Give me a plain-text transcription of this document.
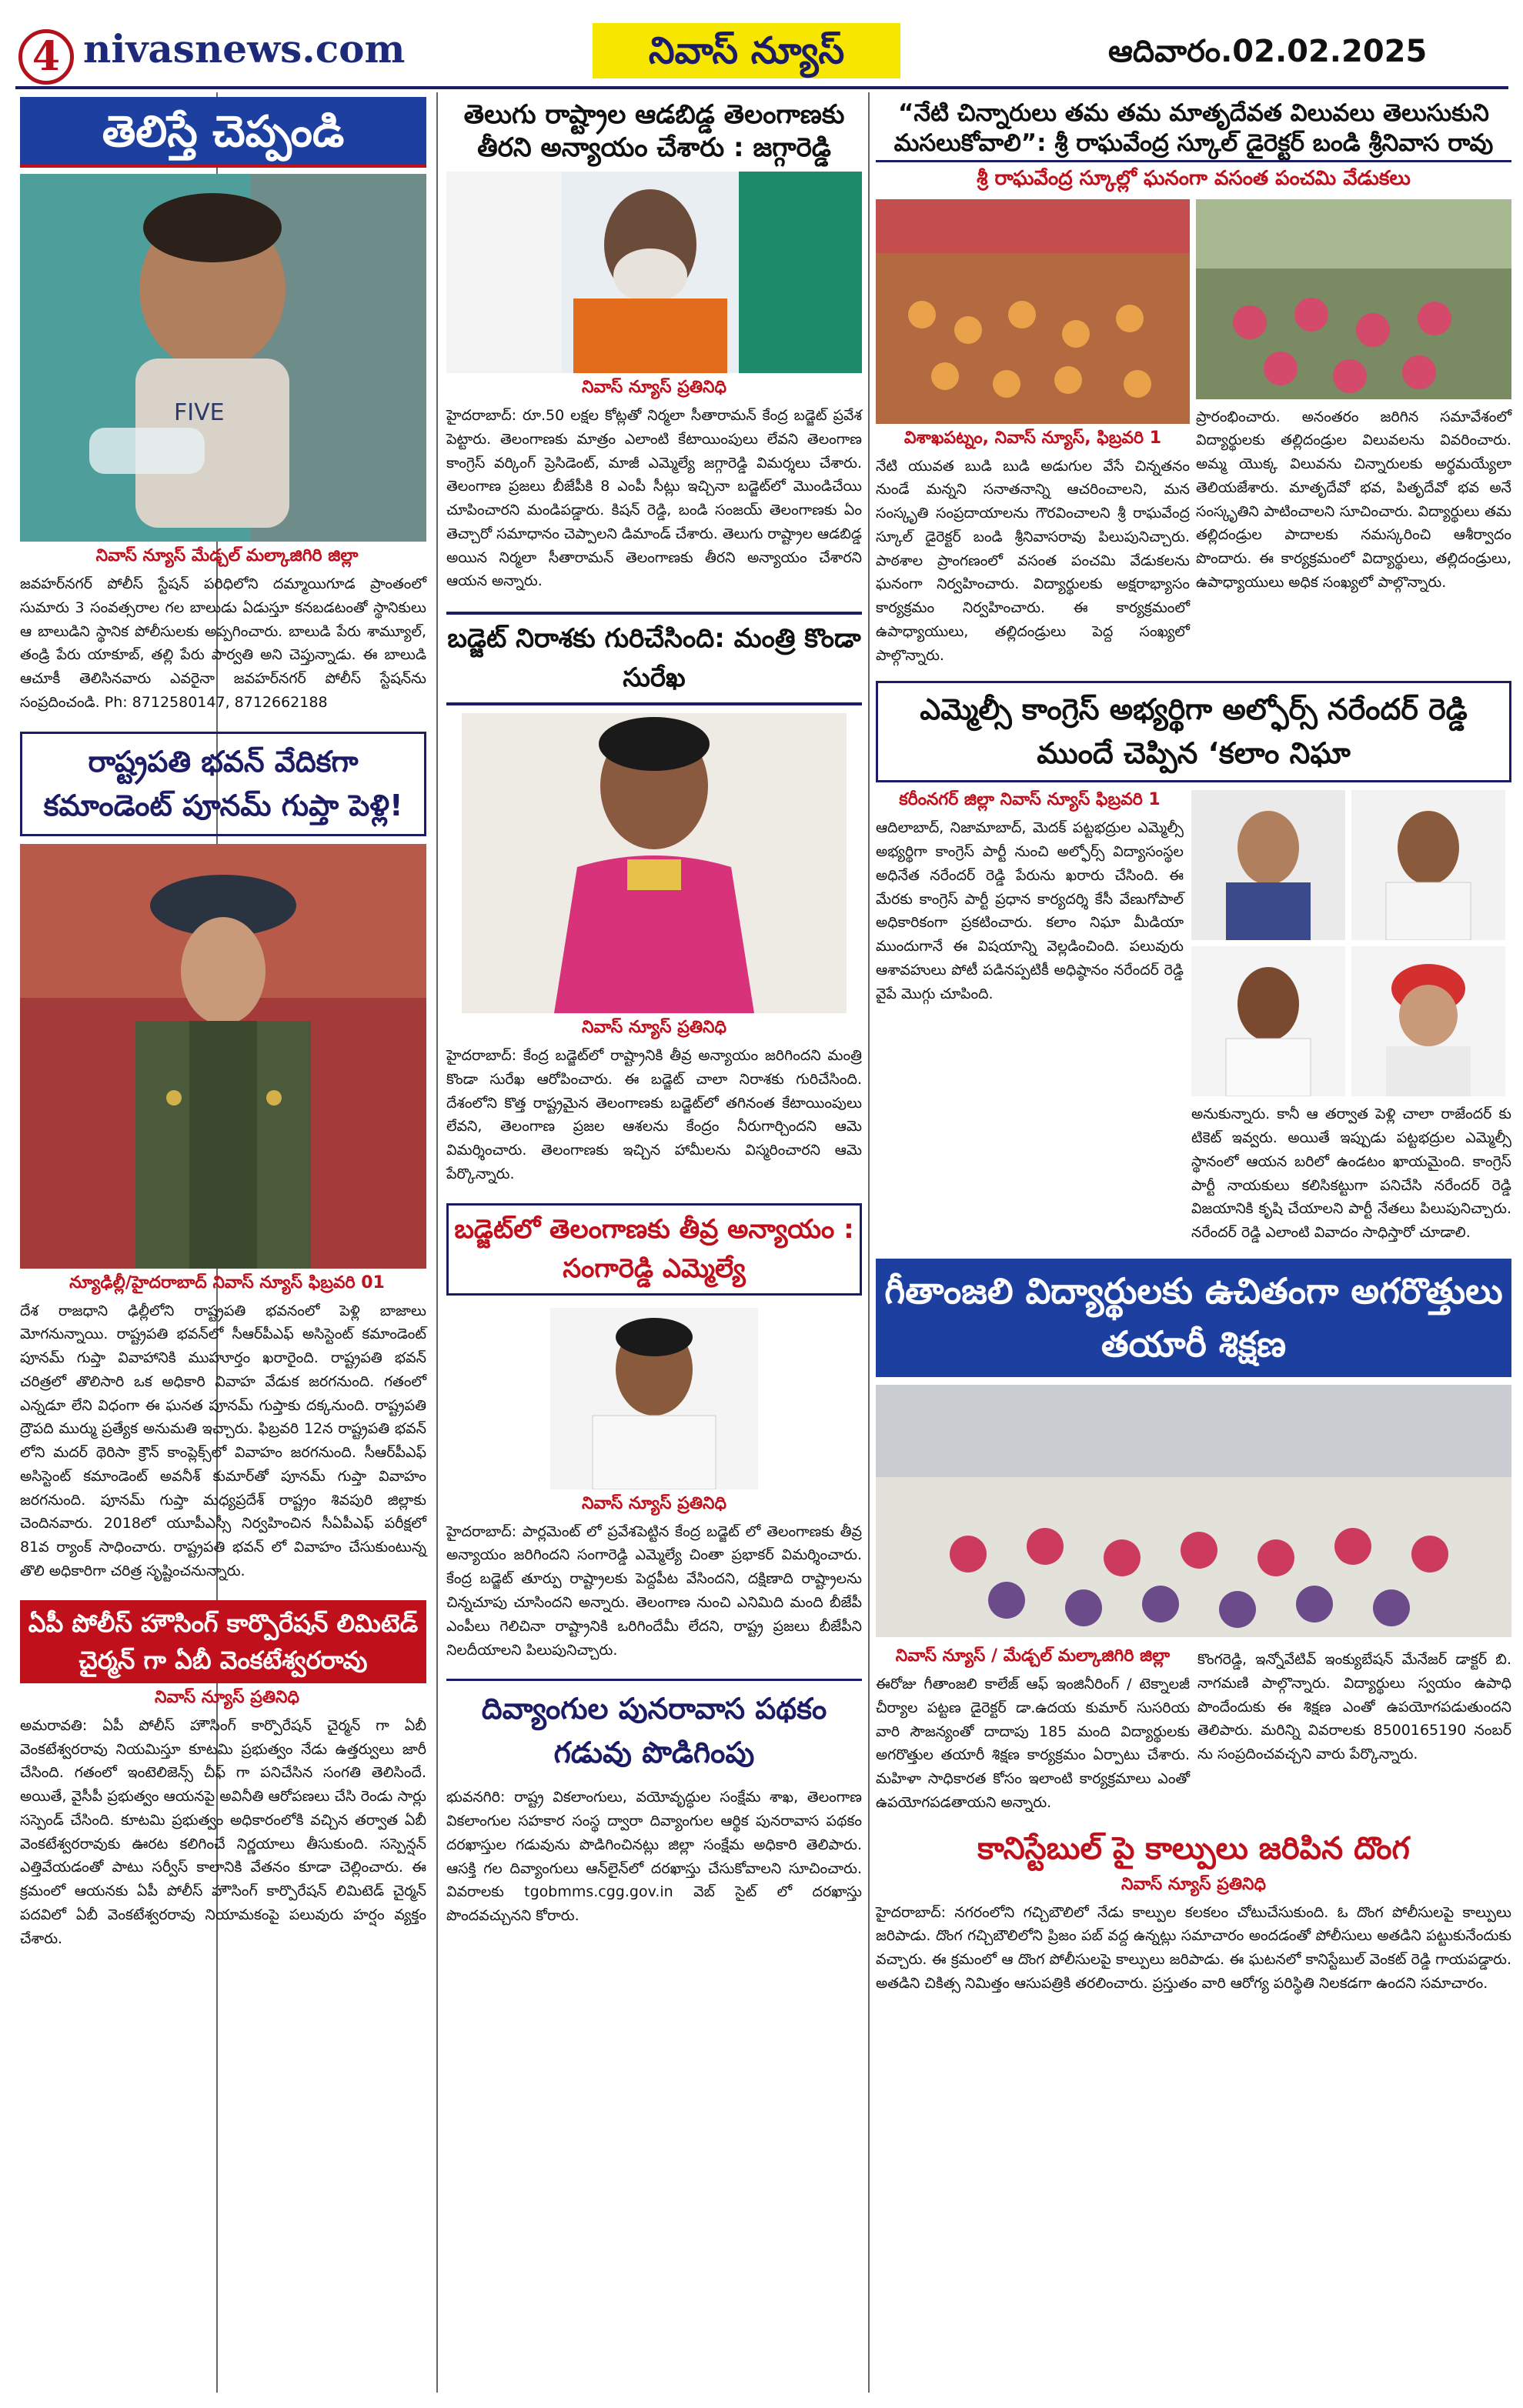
4 nivasnews.com	నివాస్ న్యూస్	ఆదివారం.02.02.2025
తెలిస్తే చెప్పండి
FIVE
నివాస్ న్యూస్ మేడ్చల్ మల్కాజిగిరి జిల్లా
జవహర్‌నగర్ పోలీస్ స్టేషన్ పరిధిలోని దమ్మాయిగూడ ప్రాంతంలో సుమారు 3 సంవత్సరాల గల బాలుడు ఏడుస్తూ కనబడటంతో స్థానికులు ఆ బాలుడిని స్థానిక పోలీసులకు అప్పగించారు. బాలుడి పేరు శామ్యూల్, తండ్రి పేరు యాకూబ్, తల్లి పేరు పార్వతి అని చెప్తున్నాడు. ఈ బాలుడి ఆచూకీ తెలిసినవారు ఎవరైనా జవహర్‌నగర్ పోలీస్ స్టేషన్‌ను సంప్రదించండి. Ph: 8712580147, 8712662188
రాష్ట్రపతి భవన్ వేదికగా కమాండెంట్ పూనమ్ గుప్తా పెళ్లి!
న్యూఢిల్లీ/హైదరాబాద్ నివాస్ న్యూస్ ఫిబ్రవరి 01
దేశ రాజధాని ఢిల్లీలోని రాష్ట్రపతి భవనంలో పెళ్లి బాజాలు మోగనున్నాయి. రాష్ట్రపతి భవన్‌లో సీఆర్‌పీఎఫ్ అసిస్టెంట్ కమాండెంట్ పూనమ్ గుప్తా వివాహానికి ముహూర్తం ఖరారైంది. రాష్ట్రపతి భవన్ చరిత్రలో తొలిసారి ఒక అధికారి వివాహ వేడుక జరగనుంది. గతంలో ఎన్నడూ లేని విధంగా ఈ ఘనత పూనమ్ గుప్తాకు దక్కనుంది. రాష్ట్రపతి ద్రౌపది ముర్ము ప్రత్యేక అనుమతి ఇచ్చారు. ఫిబ్రవరి 12న రాష్ట్రపతి భవన్ లోని మదర్ థెరిసా క్రౌన్ కాంప్లెక్స్‌లో వివాహం జరగనుంది. సీఆర్‌పీఎఫ్ అసిస్టెంట్ కమాండెంట్ అవనీశ్ కుమార్‌తో పూనమ్ గుప్తా వివాహం జరగనుంది. పూనమ్ గుప్తా మధ్యప్రదేశ్ రాష్ట్రం శివపురి జిల్లాకు చెందినవారు. 2018లో యూపీఎస్సీ నిర్వహించిన సీఏపీఎఫ్ పరీక్షలో 81వ ర్యాంక్ సాధించారు. రాష్ట్రపతి భవన్ లో వివాహం చేసుకుంటున్న తొలి అధికారిగా చరిత్ర సృష్టించనున్నారు.
ఏపీ పోలీస్ హౌసింగ్ కార్పొరేషన్ లిమిటెడ్ చైర్మన్ గా ఏబీ వెంకటేశ్వరరావు
నివాస్ న్యూస్ ప్రతినిధి
అమరావతి: ఏపీ పోలీస్ హౌసింగ్ కార్పొరేషన్ చైర్మన్ గా ఏబీ వెంకటేశ్వరరావు నియమిస్తూ కూటమి ప్రభుత్వం నేడు ఉత్తర్వులు జారీ చేసింది. గతంలో ఇంటెలిజెన్స్ చీఫ్ గా పనిచేసిన సంగతి తెలిసిందే. అయితే, వైసీపీ ప్రభుత్వం ఆయనపై అవినీతి ఆరోపణలు చేసి రెండు సార్లు సస్పెండ్ చేసింది. కూటమి ప్రభుత్వం అధికారంలోకి వచ్చిన తర్వాత ఏబీ వెంకటేశ్వరరావుకు ఊరట కలిగించే నిర్ణయాలు తీసుకుంది. సస్పెన్షన్ ఎత్తివేయడంతో పాటు సర్వీస్ కాలానికి వేతనం కూడా చెల్లించారు. ఈ క్రమంలో ఆయనకు ఏపీ పోలీస్ హౌసింగ్ కార్పొరేషన్ లిమిటెడ్ చైర్మన్ పదవిలో ఏబీ వెంకటేశ్వరరావు నియామకంపై పలువురు హర్షం వ్యక్తం చేశారు.
తెలుగు రాష్ట్రాల ఆడబిడ్డ తెలంగాణకు తీరని అన్యాయం చేశారు : జగ్గారెడ్డి
నివాస్ న్యూస్ ప్రతినిధి
హైదరాబాద్: రూ.50 లక్షల కోట్లతో నిర్మలా సీతారామన్ కేంద్ర బడ్జెట్ ప్రవేశ పెట్టారు. తెలంగాణకు మాత్రం ఎలాంటి కేటాయింపులు లేవని తెలంగాణ కాంగ్రెస్ వర్కింగ్ ప్రెసిడెంట్, మాజీ ఎమ్మెల్యే జగ్గారెడ్డి విమర్శలు చేశారు. తెలంగాణ ప్రజలు బీజేపీకి 8 ఎంపీ సీట్లు ఇచ్చినా బడ్జెట్‌లో మొండిచేయి చూపించారని మండిపడ్డారు. కిషన్ రెడ్డి, బండి సంజయ్ తెలంగాణకు ఏం తెచ్చారో సమాధానం చెప్పాలని డిమాండ్ చేశారు. తెలుగు రాష్ట్రాల ఆడబిడ్డ అయిన నిర్మలా సీతారామన్ తెలంగాణకు తీరని అన్యాయం చేశారని ఆయన అన్నారు.
బడ్జెట్ నిరాశకు గురిచేసింది: మంత్రి కొండా సురేఖ
నివాస్ న్యూస్ ప్రతినిధి
హైదరాబాద్: కేంద్ర బడ్జెట్‌లో రాష్ట్రానికి తీవ్ర అన్యాయం జరిగిందని మంత్రి కొండా సురేఖ ఆరోపించారు. ఈ బడ్జెట్ చాలా నిరాశకు గురిచేసింది. దేశంలోని కొత్త రాష్ట్రమైన తెలంగాణకు బడ్జెట్‌లో తగినంత కేటాయింపులు లేవని, తెలంగాణ ప్రజల ఆశలను కేంద్రం నీరుగార్చిందని ఆమె విమర్శించారు. తెలంగాణకు ఇచ్చిన హామీలను విస్మరించారని ఆమె పేర్కొన్నారు.
బడ్జెట్‌లో తెలంగాణకు తీవ్ర అన్యాయం : సంగారెడ్డి ఎమ్మెల్యే
నివాస్ న్యూస్ ప్రతినిధి
హైదరాబాద్: పార్లమెంట్ లో ప్రవేశపెట్టిన కేంద్ర బడ్జెట్ లో తెలంగాణకు తీవ్ర అన్యాయం జరిగిందని సంగారెడ్డి ఎమ్మెల్యే చింతా ప్రభాకర్ విమర్శించారు. కేంద్ర బడ్జెట్ తూర్పు రాష్ట్రాలకు పెద్దపీట వేసిందని, దక్షిణాది రాష్ట్రాలను చిన్నచూపు చూసిందని అన్నారు. తెలంగాణ నుంచి ఎనిమిది మంది బీజేపీ ఎంపీలు గెలిచినా రాష్ట్రానికి ఒరిగిందేమీ లేదని, రాష్ట్ర ప్రజలు బీజేపీని నిలదీయాలని పిలుపునిచ్చారు.
దివ్యాంగుల పునరావాస పథకం గడువు పొడిగింపు
భువనగిరి: రాష్ట్ర వికలాంగులు, వయోవృద్ధుల సంక్షేమ శాఖ, తెలంగాణ వికలాంగుల సహకార సంస్థ ద్వారా దివ్యాంగుల ఆర్థిక పునరావాస పథకం దరఖాస్తుల గడువును పొడిగించినట్లు జిల్లా సంక్షేమ అధికారి తెలిపారు. ఆసక్తి గల దివ్యాంగులు ఆన్‌లైన్‌లో దరఖాస్తు చేసుకోవాలని సూచించారు. వివరాలకు tgobmms.cgg.gov.in వెబ్ సైట్ లో దరఖాస్తు పొందవచ్చునని కోరారు.
“నేటి చిన్నారులు తమ తమ మాతృదేవత విలువలు తెలుసుకుని మసలుకోవాలి”: శ్రీ రాఘవేంద్ర స్కూల్ డైరెక్టర్ బండి శ్రీనివాస రావు
శ్రీ రాఘవేంద్ర స్కూల్లో ఘనంగా వసంత పంచమి వేడుకలు
విశాఖపట్నం, నివాస్ న్యూస్, ఫిబ్రవరి 1
నేటి యువత బుడి బుడి అడుగుల వేసే చిన్నతనం నుండే మన్నని సనాతనాన్ని ఆచరించాలని, మన సంస్కృతి సంప్రదాయాలను గౌరవించాలని శ్రీ రాఘవేంద్ర స్కూల్ డైరెక్టర్ బండి శ్రీనివాసరావు పిలుపునిచ్చారు. పాఠశాల ప్రాంగణంలో వసంత పంచమి వేడుకలను ఘనంగా నిర్వహించారు. విద్యార్థులకు అక్షరాభ్యాసం కార్యక్రమం నిర్వహించారు. ఈ కార్యక్రమంలో ఉపాధ్యాయులు, తల్లిదండ్రులు పెద్ద సంఖ్యలో పాల్గొన్నారు.
ప్రారంభించారు. అనంతరం జరిగిన సమావేశంలో విద్యార్థులకు తల్లిదండ్రుల విలువలను వివరించారు. అమ్మ యొక్క విలువను చిన్నారులకు అర్థమయ్యేలా తెలియజేశారు. మాతృదేవో భవ, పితృదేవో భవ అనే సంస్కృతిని పాటించాలని సూచించారు. విద్యార్థులు తమ తల్లిదండ్రుల పాదాలకు నమస్కరించి ఆశీర్వాదం పొందారు. ఈ కార్యక్రమంలో విద్యార్థులు, తల్లిదండ్రులు, ఉపాధ్యాయులు అధిక సంఖ్యలో పాల్గొన్నారు.
ఎమ్మెల్సీ కాంగ్రెస్ అభ్యర్థిగా అల్ఫోర్స్ నరేందర్ రెడ్డి ముందే చెప్పిన ‘కలాం నిఘా
కరీంనగర్ జిల్లా నివాస్ న్యూస్ ఫిబ్రవరి 1
ఆదిలాబాద్, నిజామాబాద్, మెదక్ పట్టభద్రుల ఎమ్మెల్సీ అభ్యర్థిగా కాంగ్రెస్ పార్టీ నుంచి అల్ఫోర్స్ విద్యాసంస్థల అధినేత నరేందర్ రెడ్డి పేరును ఖరారు చేసింది. ఈ మేరకు కాంగ్రెస్ పార్టీ ప్రధాన కార్యదర్శి కేసీ వేణుగోపాల్ అధికారికంగా ప్రకటించారు. కలాం నిఘా మీడియా ముందుగానే ఈ విషయాన్ని వెల్లడించింది. పలువురు ఆశావహులు పోటీ పడినప్పటికీ అధిష్ఠానం నరేందర్ రెడ్డి వైపే మొగ్గు చూపింది.
అనుకున్నారు. కానీ ఆ తర్వాత పెళ్లి చాలా రాజేందర్ కు టికెట్ ఇవ్వరు. అయితే ఇప్పుడు పట్టభద్రుల ఎమ్మెల్సీ స్థానంలో ఆయన బరిలో ఉండటం ఖాయమైంది. కాంగ్రెస్ పార్టీ నాయకులు కలిసికట్టుగా పనిచేసి నరేందర్ రెడ్డి విజయానికి కృషి చేయాలని పార్టీ నేతలు పిలుపునిచ్చారు. నరేందర్ రెడ్డి ఎలాంటి వివాదం సాధిస్తారో చూడాలి.
గీతాంజలి విద్యార్థులకు ఉచితంగా అగరొత్తులు తయారీ శిక్షణ
నివాస్ న్యూస్ / మేడ్చల్ మల్కాజిగిరి జిల్లా
ఈరోజు గీతాంజలి కాలేజ్ ఆఫ్ ఇంజినీరింగ్ / టెక్నాలజీ చీర్యాల పట్టణ డైరెక్టర్ డా.ఉదయ కుమార్ సుసరియ వారి సౌజన్యంతో దాదాపు 185 మంది విద్యార్థులకు అగరొత్తుల తయారీ శిక్షణ కార్యక్రమం ఏర్పాటు చేశారు. మహిళా సాధికారత కోసం ఇలాంటి కార్యక్రమాలు ఎంతో ఉపయోగపడతాయని అన్నారు.
కొంగరెడ్డి, ఇన్నోవేటివ్ ఇంక్యుబేషన్ మేనేజర్ డాక్టర్ బి. నాగమణి పాల్గొన్నారు. విద్యార్థులు స్వయం ఉపాధి పొందేందుకు ఈ శిక్షణ ఎంతో ఉపయోగపడుతుందని తెలిపారు. మరిన్ని వివరాలకు 8500165190 నంబర్ ను సంప్రదించవచ్చని వారు పేర్కొన్నారు.
కానిస్టేబుల్ పై కాల్పులు జరిపిన దొంగ
నివాస్ న్యూస్ ప్రతినిధి
హైదరాబాద్: నగరంలోని గచ్చిబౌలిలో నేడు కాల్పుల కలకలం చోటుచేసుకుంది. ఓ దొంగ పోలీసులపై కాల్పులు జరిపాడు. దొంగ గచ్చిబౌలిలోని ప్రిజం పబ్ వద్ద ఉన్నట్లు సమాచారం అందడంతో పోలీసులు అతడిని పట్టుకునేందుకు వచ్చారు. ఈ క్రమంలో ఆ దొంగ పోలీసులపై కాల్పులు జరిపాడు. ఈ ఘటనలో కానిస్టేబుల్ వెంకట్ రెడ్డి గాయపడ్డారు. అతడిని చికిత్స నిమిత్తం ఆసుపత్రికి తరలించారు. ప్రస్తుతం వారి ఆరోగ్య పరిస్థితి నిలకడగా ఉందని సమాచారం.
